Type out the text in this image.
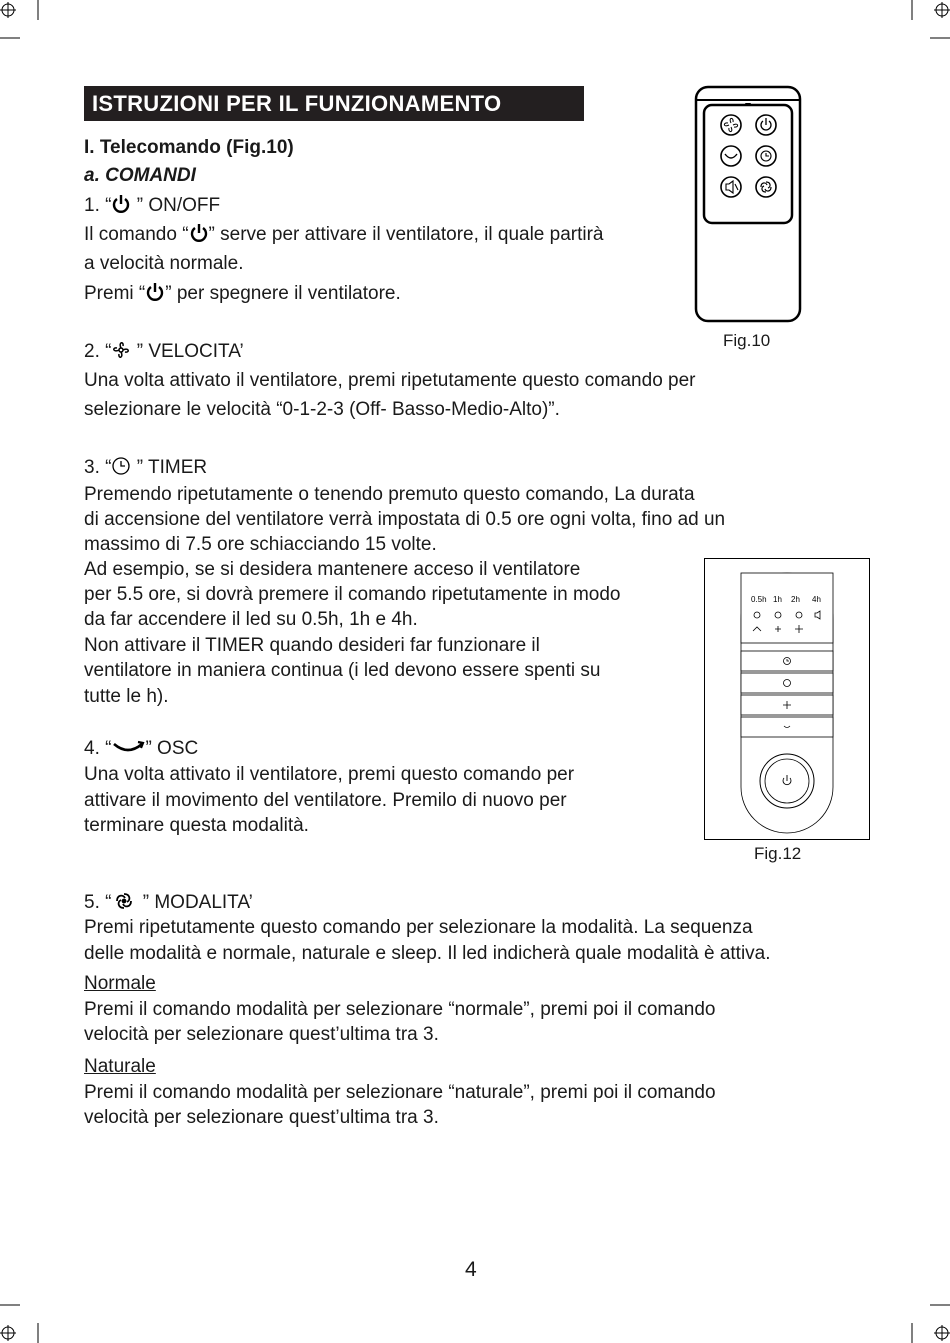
ISTRUZIONI PER IL FUNZIONAMENTO
I. Telecomando (Fig.10)
a. COMANDI
1. “ ” ON/OFF
Il comando “ ” serve per attivare il ventilatore, il quale partirà
a velocità normale.
Premi “ ” per spegnere il ventilatore.
2. “ ” VELOCITA’
Una volta attivato il ventilatore, premi ripetutamente questo comando per
selezionare le velocità “0-1-2-3 (Off- Basso-Medio-Alto)”.
3. “ ” TIMER
Premendo ripetutamente o tenendo premuto questo comando, La durata
di accensione del ventilatore verrà impostata di 0.5 ore ogni volta, fino ad un
massimo di 7.5 ore schiacciando 15 volte.
Ad esempio, se si desidera mantenere acceso il ventilatore
per 5.5 ore, si dovrà premere il comando ripetutamente in modo
da far accendere il led su 0.5h, 1h e 4h.
Non attivare il TIMER quando desideri far funzionare il
ventilatore in maniera continua (i led devono essere spenti su
tutte le h).
4. “ ” OSC
Una volta attivato il ventilatore, premi questo comando per
attivare il movimento del ventilatore. Premilo di nuovo per
terminare questa modalità.
5. “ ” MODALITA’
Premi ripetutamente questo comando per selezionare la modalità. La sequenza
delle modalità e normale, naturale e sleep. Il led indicherà quale modalità è attiva.
Normale
Premi il comando modalità per selezionare “normale”, premi poi il comando
velocità per selezionare quest’ultima tra 3.
Naturale
Premi il comando modalità per selezionare “naturale”, premi poi il comando
velocità per selezionare quest’ultima tra 3.
Fig.10
0.5h 1h 2h 4h
Fig.12
4
